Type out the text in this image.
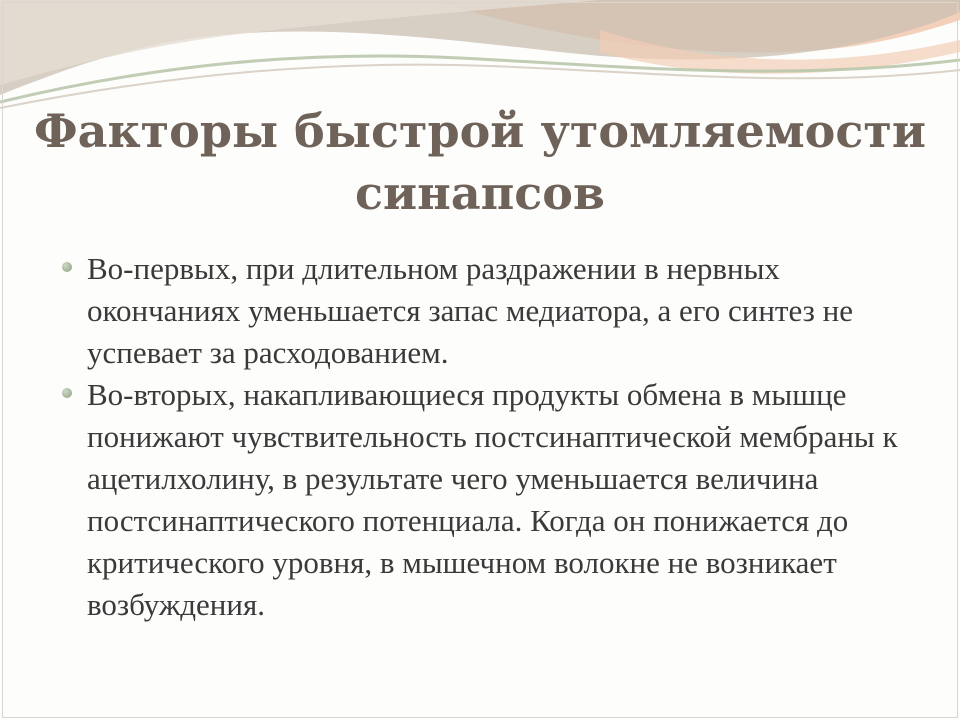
Факторы быстрой утомляемости
синапсов
Во-первых, при длительном раздражении в нервных окончаниях уменьшается запас медиатора, а его синтез не успевает за расходованием.
Во-вторых, накапливающиеся продукты обмена в мышце понижают чувствительность постсинаптической мембраны к ацетилхолину, в результате чего уменьшается величина постсинаптического потенциала. Когда он понижается до критического уровня, в мышечном волокне не возникает возбуждения.
